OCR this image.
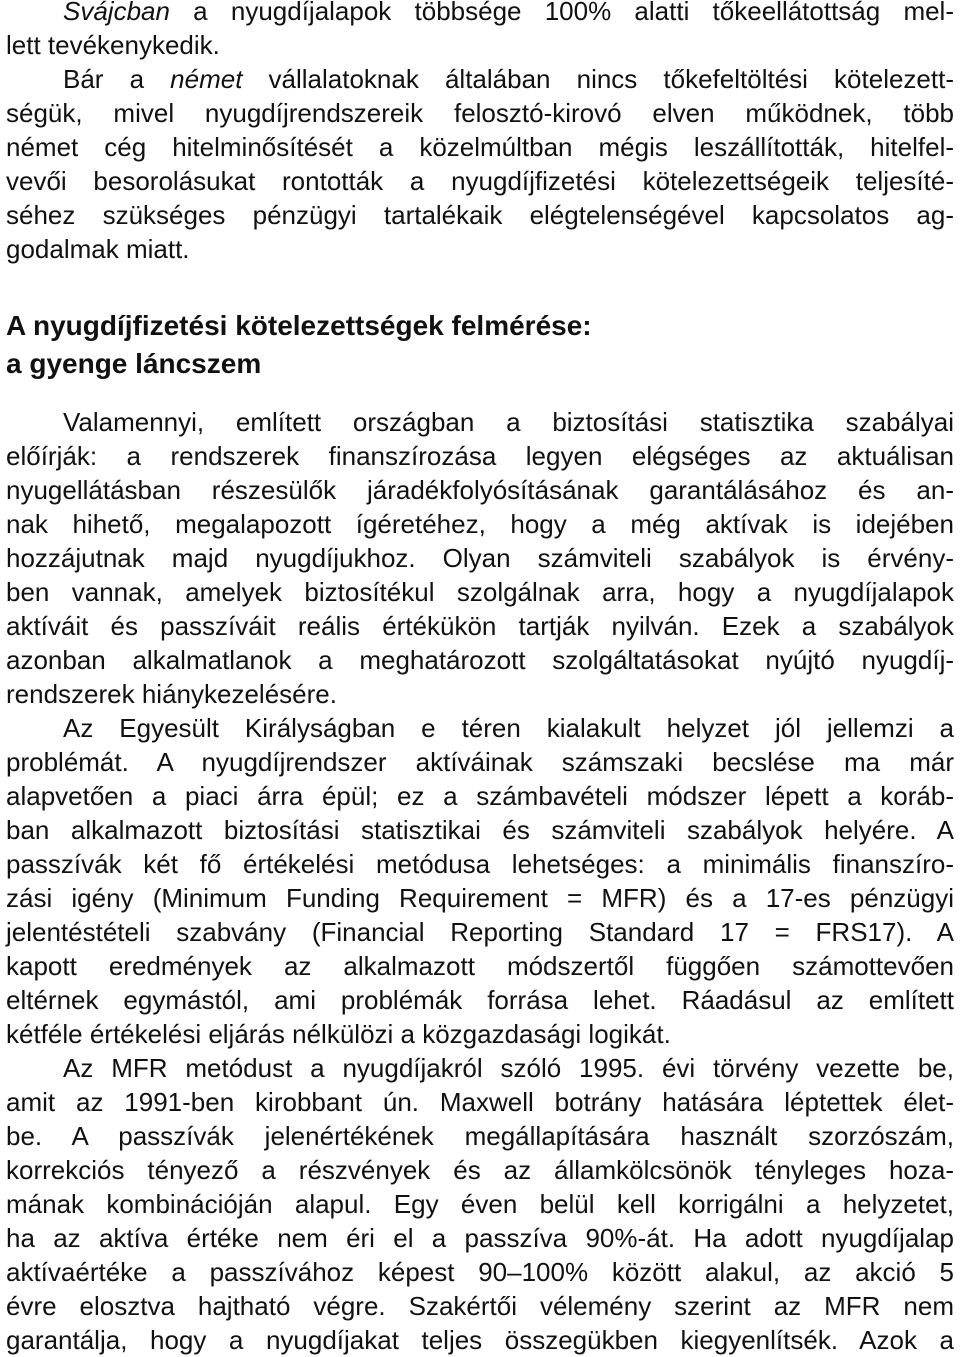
Svájcban a nyugdíjalapok többsége 100% alatti tőkeellátottság mel-
lett tevékenykedik.
Bár a német vállalatoknak általában nincs tőkefeltöltési kötelezett-
ségük, mivel nyugdíjrendszereik felosztó-kirovó elven működnek, több
német cég hitelminősítését a közelmúltban mégis leszállították, hitelfel-
vevői besorolásukat rontották a nyugdíjfizetési kötelezettségeik teljesíté-
séhez szükséges pénzügyi tartalékaik elégtelenségével kapcsolatos ag-
godalmak miatt.
A nyugdíjfizetési kötelezettségek felmérése:
a gyenge láncszem
Valamennyi, említett országban a biztosítási statisztika szabályai
előírják: a rendszerek finanszírozása legyen elégséges az aktuálisan
nyugellátásban részesülők járadékfolyósításának garantálásához és an-
nak hihető, megalapozott ígéretéhez, hogy a még aktívak is idejében
hozzájutnak majd nyugdíjukhoz. Olyan számviteli szabályok is érvény-
ben vannak, amelyek biztosítékul szolgálnak arra, hogy a nyugdíjalapok
aktíváit és passzíváit reális értékükön tartják nyilván. Ezek a szabályok
azonban alkalmatlanok a meghatározott szolgáltatásokat nyújtó nyugdíj-
rendszerek hiánykezelésére.
Az Egyesült Királyságban e téren kialakult helyzet jól jellemzi a
problémát. A nyugdíjrendszer aktíváinak számszaki becslése ma már
alapvetően a piaci árra épül; ez a számbavételi módszer lépett a koráb-
ban alkalmazott biztosítási statisztikai és számviteli szabályok helyére. A
passzívák két fő értékelési metódusa lehetséges: a minimális finanszíro-
zási igény (Minimum Funding Requirement = MFR) és a 17-es pénzügyi
jelentéstételi szabvány (Financial Reporting Standard 17 = FRS17). A
kapott eredmények az alkalmazott módszertől függően számottevően
eltérnek egymástól, ami problémák forrása lehet. Ráadásul az említett
kétféle értékelési eljárás nélkülözi a közgazdasági logikát.
Az MFR metódust a nyugdíjakról szóló 1995. évi törvény vezette be,
amit az 1991-ben kirobbant ún. Maxwell botrány hatására léptettek élet-
be. A passzívák jelenértékének megállapítására használt szorzószám,
korrekciós tényező a részvények és az államkölcsönök tényleges hoza-
mának kombinációján alapul. Egy éven belül kell korrigálni a helyzetet,
ha az aktíva értéke nem éri el a passzíva 90%-át. Ha adott nyugdíjalap
aktívaértéke a passzívához képest 90–100% között alakul, az akció 5
évre elosztva hajtható végre. Szakértői vélemény szerint az MFR nem
garantálja, hogy a nyugdíjakat teljes összegükben kiegyenlítsék. Azok a
